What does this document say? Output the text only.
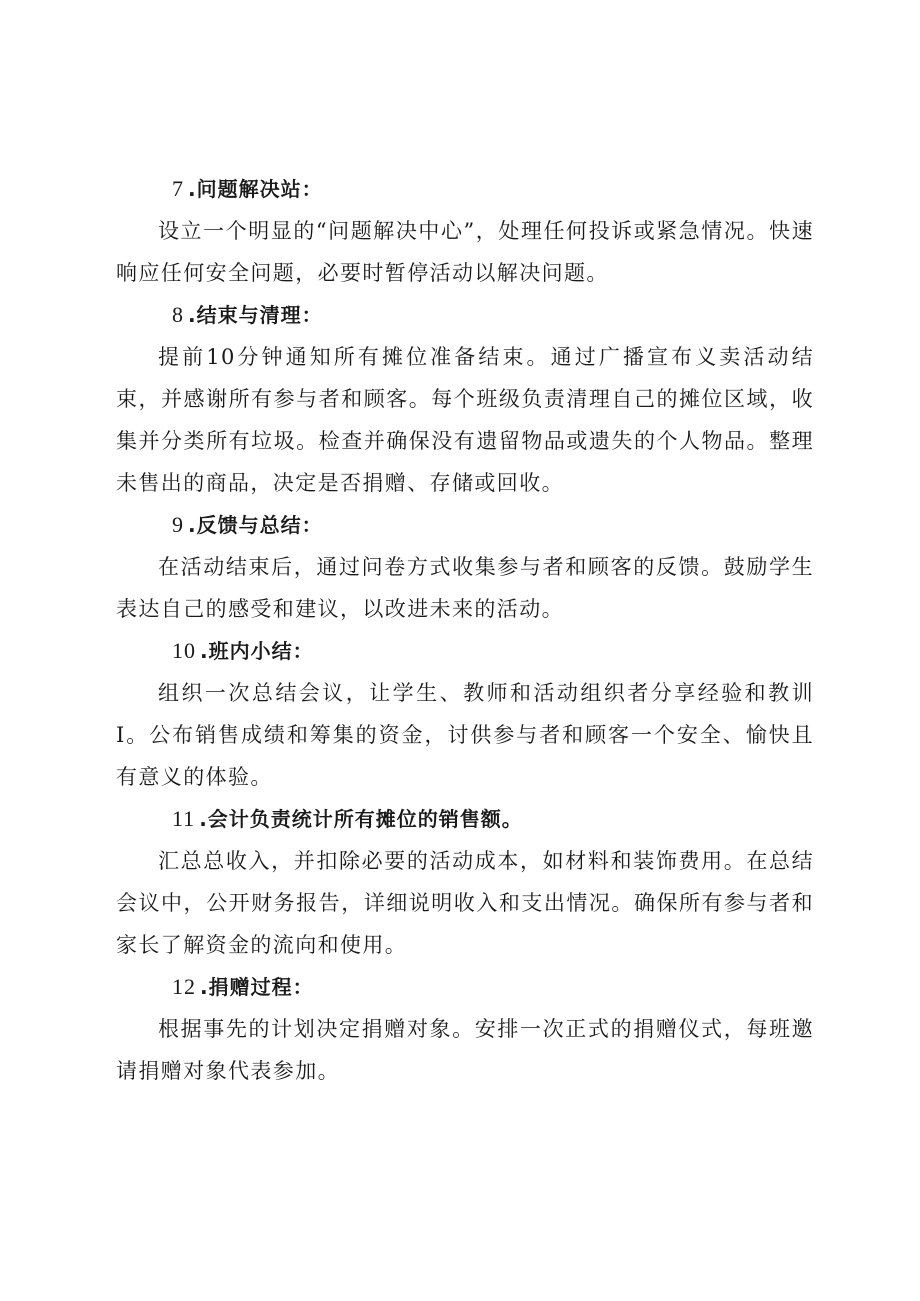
7 .问题解决站：

设立一个明显的“问题解决中心”，处理任何投诉或紧急情况。快速响应任何安全问题，必要时暂停活动以解决问题。

8 .结束与清理：

提前10分钟通知所有摊位准备结束。通过广播宣布义卖活动结束，并感谢所有参与者和顾客。每个班级负责清理自己的摊位区域，收集并分类所有垃圾。检查并确保没有遗留物品或遗失的个人物品。整理未售出的商品，决定是否捐赠、存储或回收。

9 .反馈与总结：

在活动结束后，通过问卷方式收集参与者和顾客的反馈。鼓励学生表达自己的感受和建议，以改进未来的活动。

10 .班内小结：

组织一次总结会议，让学生、教师和活动组织者分享经验和教训I。公布销售成绩和筹集的资金，讨供参与者和顾客一个安全、愉快且有意义的体验。

11 .会计负责统计所有摊位的销售额。

汇总总收入，并扣除必要的活动成本，如材料和装饰费用。在总结会议中，公开财务报告，详细说明收入和支出情况。确保所有参与者和家长了解资金的流向和使用。

12 .捐赠过程：

根据事先的计划决定捐赠对象。安排一次正式的捐赠仪式，每班邀请捐赠对象代表参加。
